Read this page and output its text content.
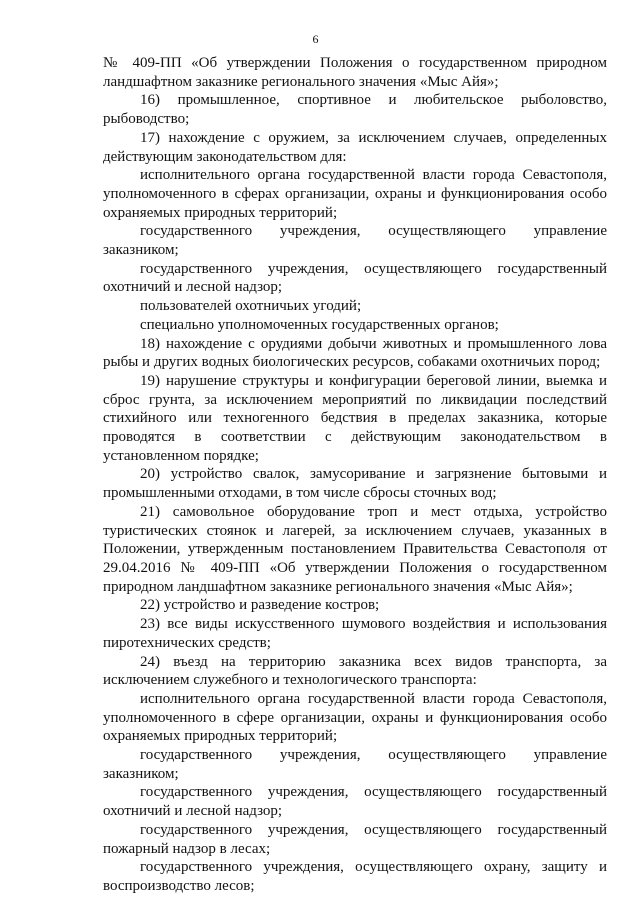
6

№ 409-ПП «Об утверждении Положения о государственном природном ландшафтном заказнике регионального значения «Мыс Айя»;

16) промышленное, спортивное и любительское рыболовство, рыбоводство;

17) нахождение с оружием, за исключением случаев, определенных действующим законодательством для:

исполнительного органа государственной власти города Севастополя, уполномоченного в сферах организации, охраны и функционирования особо охраняемых природных территорий;

государственного учреждения, осуществляющего управление заказником;

государственного учреждения, осуществляющего государственный охотничий и лесной надзор;

пользователей охотничьих угодий;

специально уполномоченных государственных органов;

18) нахождение с орудиями добычи животных и промышленного лова рыбы и других водных биологических ресурсов, собаками охотничьих пород;

19) нарушение структуры и конфигурации береговой линии, выемка и сброс грунта, за исключением мероприятий по ликвидации последствий стихийного или техногенного бедствия в пределах заказника, которые проводятся в соответствии с действующим законодательством в установленном порядке;

20) устройство свалок, замусоривание и загрязнение бытовыми и промышленными отходами, в том числе сбросы сточных вод;

21) самовольное оборудование троп и мест отдыха, устройство туристических стоянок и лагерей, за исключением случаев, указанных в Положении, утвержденным постановлением Правительства Севастополя от 29.04.2016 № 409-ПП «Об утверждении Положения о государственном природном ландшафтном заказнике регионального значения «Мыс Айя»;

22) устройство и разведение костров;

23) все виды искусственного шумового воздействия и использования пиротехнических средств;

24) въезд на территорию заказника всех видов транспорта, за исключением служебного и технологического транспорта:

исполнительного органа государственной власти города Севастополя, уполномоченного в сфере организации, охраны и функционирования особо охраняемых природных территорий;

государственного учреждения, осуществляющего управление заказником;

государственного учреждения, осуществляющего государственный охотничий и лесной надзор;

государственного учреждения, осуществляющего государственный пожарный надзор в лесах;

государственного учреждения, осуществляющего охрану, защиту и воспроизводство лесов;
